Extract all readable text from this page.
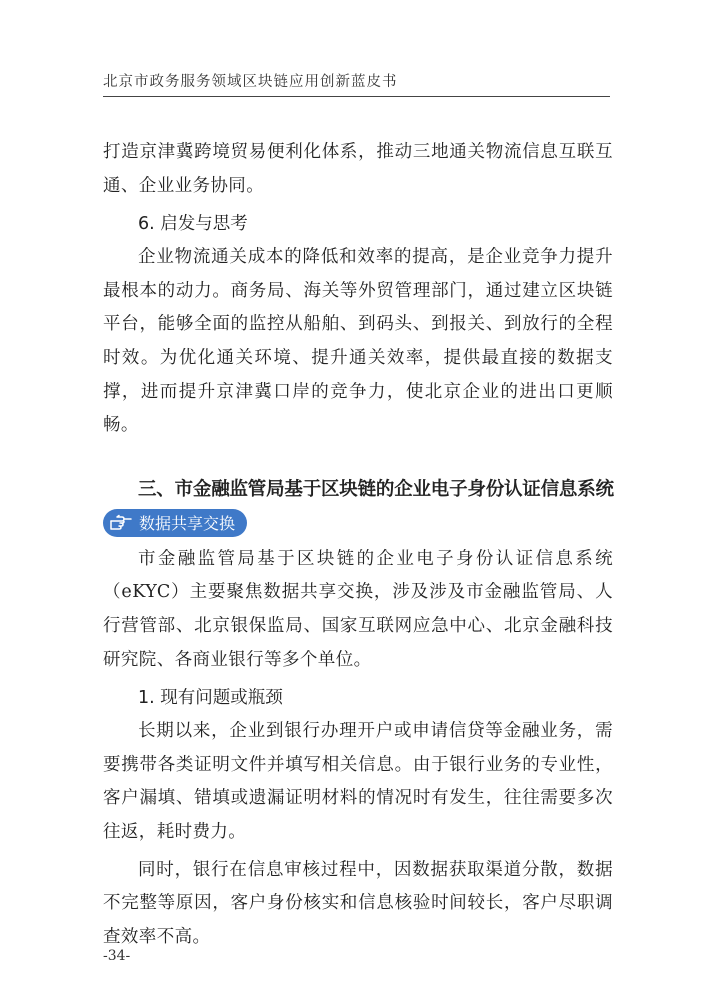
北京市政务服务领域区块链应用创新蓝皮书

打造京津冀跨境贸易便利化体系，推动三地通关物流信息互联互通、企业业务协同。

6. 启发与思考

企业物流通关成本的降低和效率的提高，是企业竞争力提升最根本的动力。商务局、海关等外贸管理部门，通过建立区块链平台，能够全面的监控从船舶、到码头、到报关、到放行的全程时效。为优化通关环境、提升通关效率，提供最直接的数据支撑，进而提升京津冀口岸的竞争力，使北京企业的进出口更顺畅。

三、市金融监管局基于区块链的企业电子身份认证信息系统
数据共享交换

市金融监管局基于区块链的企业电子身份认证信息系统（eKYC）主要聚焦数据共享交换，涉及涉及市金融监管局、人行营管部、北京银保监局、国家互联网应急中心、北京金融科技研究院、各商业银行等多个单位。

1. 现有问题或瓶颈

长期以来，企业到银行办理开户或申请信贷等金融业务，需要携带各类证明文件并填写相关信息。由于银行业务的专业性，客户漏填、错填或遗漏证明材料的情况时有发生，往往需要多次往返，耗时费力。

同时，银行在信息审核过程中，因数据获取渠道分散，数据不完整等原因，客户身份核实和信息核验时间较长，客户尽职调查效率不高。

-34-
